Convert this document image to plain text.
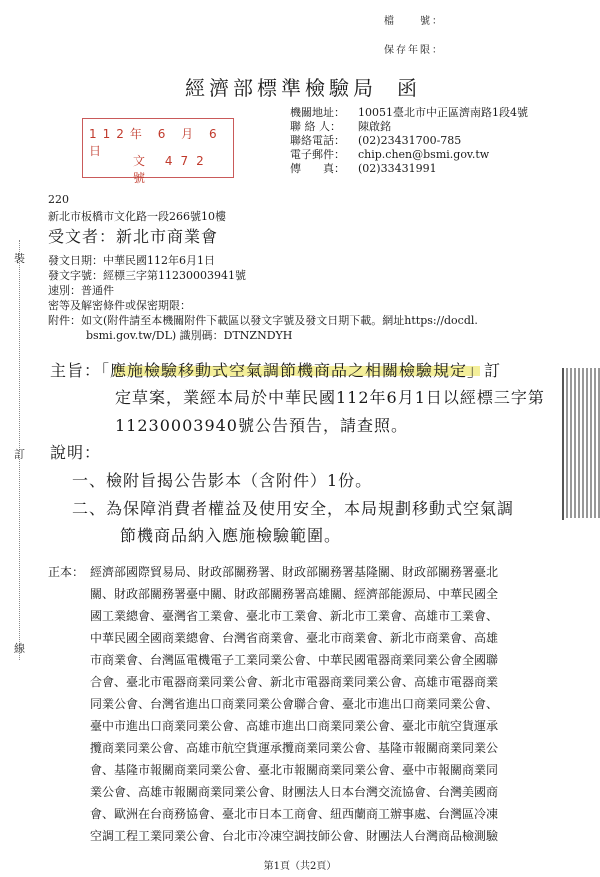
檔　　號：
保存年限：
經濟部標準檢驗局 函
機關地址： 10051臺北市中正區濟南路1段4號
聯 絡 人： 陳啟銘
聯絡電話： (02)23431700-785
電子郵件： chip.chen@bsmi.gov.tw
傳　　真： (02)33431991
112年 6 月 6 日
文 472 號
220
新北市板橋市文化路一段266號10樓
受文者：新北市商業會
裝
訂
線
發文日期：中華民國112年6月1日
發文字號：經標三字第11230003941號
速別：普通件
密等及解密條件或保密期限：
附件：如文(附件請至本機關附件下載區以發文字號及發文日期下載。網址https://docdl.
bsmi.gov.tw/DL) 識別碼：DTNZNDYH
主旨：「應施檢驗移動式空氣調節機商品之相關檢驗規定」訂
定草案，業經本局於中華民國112年6月1日以經標三字第
11230003940號公告預告，請查照。
說明：
一、檢附旨揭公告影本（含附件）1份。
二、為保障消費者權益及使用安全，本局規劃移動式空氣調
節機商品納入應施檢驗範圍。
正本： 經濟部國際貿易局、財政部關務署、財政部關務署基隆關、財政部關務署臺北
關、財政部關務署臺中關、財政部關務署高雄關、經濟部能源局、中華民國全
國工業總會、臺灣省工業會、臺北市工業會、新北市工業會、高雄市工業會、
中華民國全國商業總會、台灣省商業會、臺北市商業會、新北市商業會、高雄
市商業會、台灣區電機電子工業同業公會、中華民國電器商業同業公會全國聯
合會、臺北市電器商業同業公會、新北市電器商業同業公會、高雄市電器商業
同業公會、台灣省進出口商業同業公會聯合會、臺北市進出口商業同業公會、
臺中市進出口商業同業公會、高雄市進出口商業同業公會、臺北市航空貨運承
攬商業同業公會、高雄市航空貨運承攬商業同業公會、基隆市報關商業同業公
會、基隆市報關商業同業公會、臺北市報關商業同業公會、臺中市報關商業同
業公會、高雄市報關商業同業公會、財團法人日本台灣交流協會、台灣美國商
會、歐洲在台商務協會、臺北市日本工商會、紐西蘭商工辦事處、台灣區冷凍
空調工程工業同業公會、台北市冷凍空調技師公會、財團法人台灣商品檢測驗
第1頁（共2頁）
